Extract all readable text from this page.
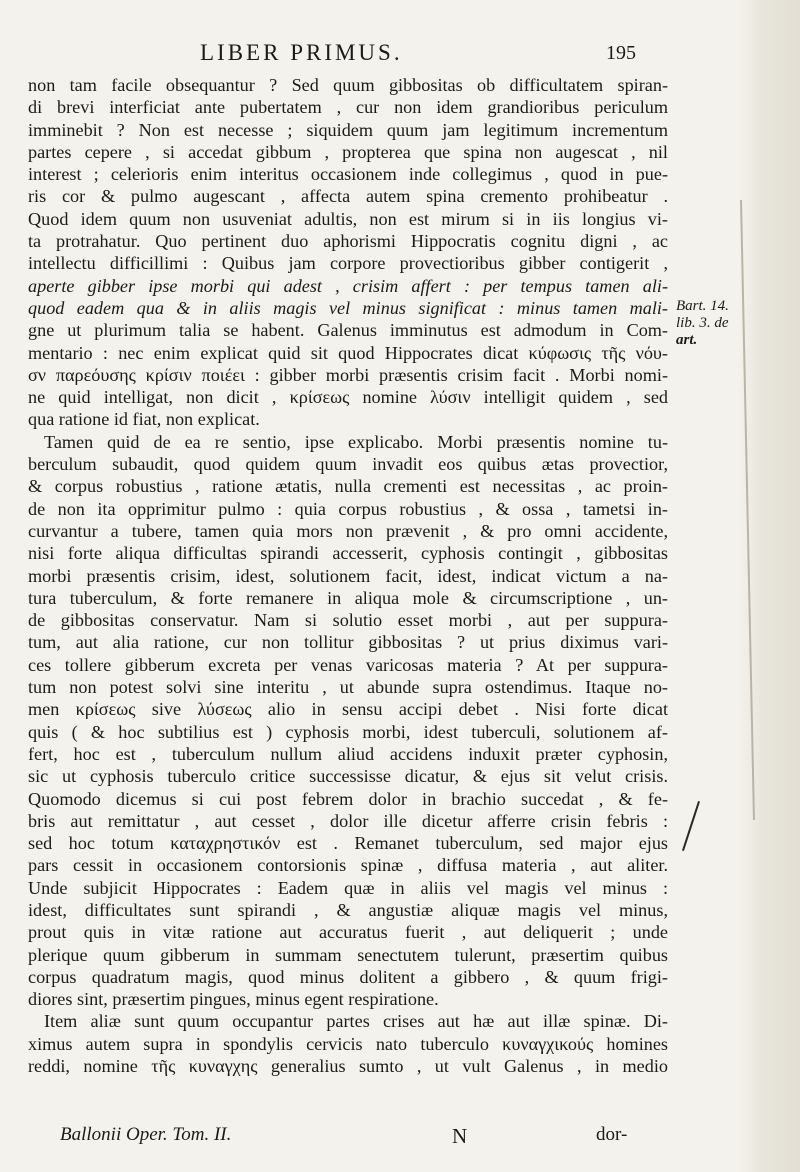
LIBER PRIMUS.	195
non tam facile obsequantur ? Sed quum gibbositas ob difficultatem spiran-
di brevi interficiat ante pubertatem , cur non idem grandioribus periculum
imminebit ? Non est necesse ; siquidem quum jam legitimum incrementum
partes cepere , si accedat gibbum , propterea que spina non augescat , nil
interest ; celerioris enim interitus occasionem inde collegimus , quod in pue-
ris cor & pulmo augescant , affecta autem spina cremento prohibeatur .
Quod idem quum non usuveniat adultis, non est mirum si in iis longius vi-
ta protrahatur. Quo pertinent duo aphorismi Hippocratis cognitu digni , ac
intellectu difficillimi : Quibus jam corpore provectioribus gibber contigerit ,
aperte gibber ipse morbi qui adest , crisim affert : per tempus tamen ali-
quod eadem qua & in aliis magis vel minus significat : minus tamen mali-
gne ut plurimum talia se habent. Galenus imminutus est admodum in Com-
mentario : nec enim explicat quid sit quod Hippocrates dicat κύφωσις τῆς νόυ-
σν παρεόυσης κρίσιν ποιέει : gibber morbi præsentis crisim facit . Morbi nomi-
ne quid intelligat, non dicit , κρίσεως nomine λύσιν intelligit quidem , sed
qua ratione id fiat, non explicat.
Tamen quid de ea re sentio, ipse explicabo. Morbi præsentis nomine tu-
berculum subaudit, quod quidem quum invadit eos quibus ætas provectior,
& corpus robustius , ratione ætatis, nulla crementi est necessitas , ac proin-
de non ita opprimitur pulmo : quia corpus robustius , & ossa , tametsi in-
curvantur a tubere, tamen quia mors non prævenit , & pro omni accidente,
nisi forte aliqua difficultas spirandi accesserit, cyphosis contingit , gibbositas
morbi præsentis crisim, idest, solutionem facit, idest, indicat victum a na-
tura tuberculum, & forte remanere in aliqua mole & circumscriptione , un-
de gibbositas conservatur. Nam si solutio esset morbi , aut per suppura-
tum, aut alia ratione, cur non tollitur gibbositas ? ut prius diximus vari-
ces tollere gibberum excreta per venas varicosas materia ? At per suppura-
tum non potest solvi sine interitu , ut abunde supra ostendimus. Itaque no-
men κρίσεως sive λύσεως alio in sensu accipi debet . Nisi forte dicat
quis ( & hoc subtilius est ) cyphosis morbi, idest tuberculi, solutionem af-
fert, hoc est , tuberculum nullum aliud accidens induxit præter cyphosin,
sic ut cyphosis tuberculo critice successisse dicatur, & ejus sit velut crisis.
Quomodo dicemus si cui post febrem dolor in brachio succedat , & fe-
bris aut remittatur , aut cesset , dolor ille dicetur afferre crisin febris :
sed hoc totum καταχρηστικόν est . Remanet tuberculum, sed major ejus
pars cessit in occasionem contorsionis spinæ , diffusa materia , aut aliter.
Unde subjicit Hippocrates : Eadem quæ in aliis vel magis vel minus :
idest, difficultates sunt spirandi , & angustiæ aliquæ magis vel minus,
prout quis in vitæ ratione aut accuratus fuerit , aut deliquerit ; unde
plerique quum gibberum in summam senectutem tulerunt, præsertim quibus
corpus quadratum magis, quod minus dolitent a gibbero , & quum frigi-
diores sint, præsertim pingues, minus egent respiratione.
Item aliæ sunt quum occupantur partes crises aut hæ aut illæ spinæ. Di-
ximus autem supra in spondylis cervicis nato tuberculo κυναγχικούς homines
reddi, nomine τῆς κυναγχης generalius sumto , ut vult Galenus , in medio
Bart. 14.
lib. 3. de
art.
Ballonii Oper. Tom. II.	N	dor-
